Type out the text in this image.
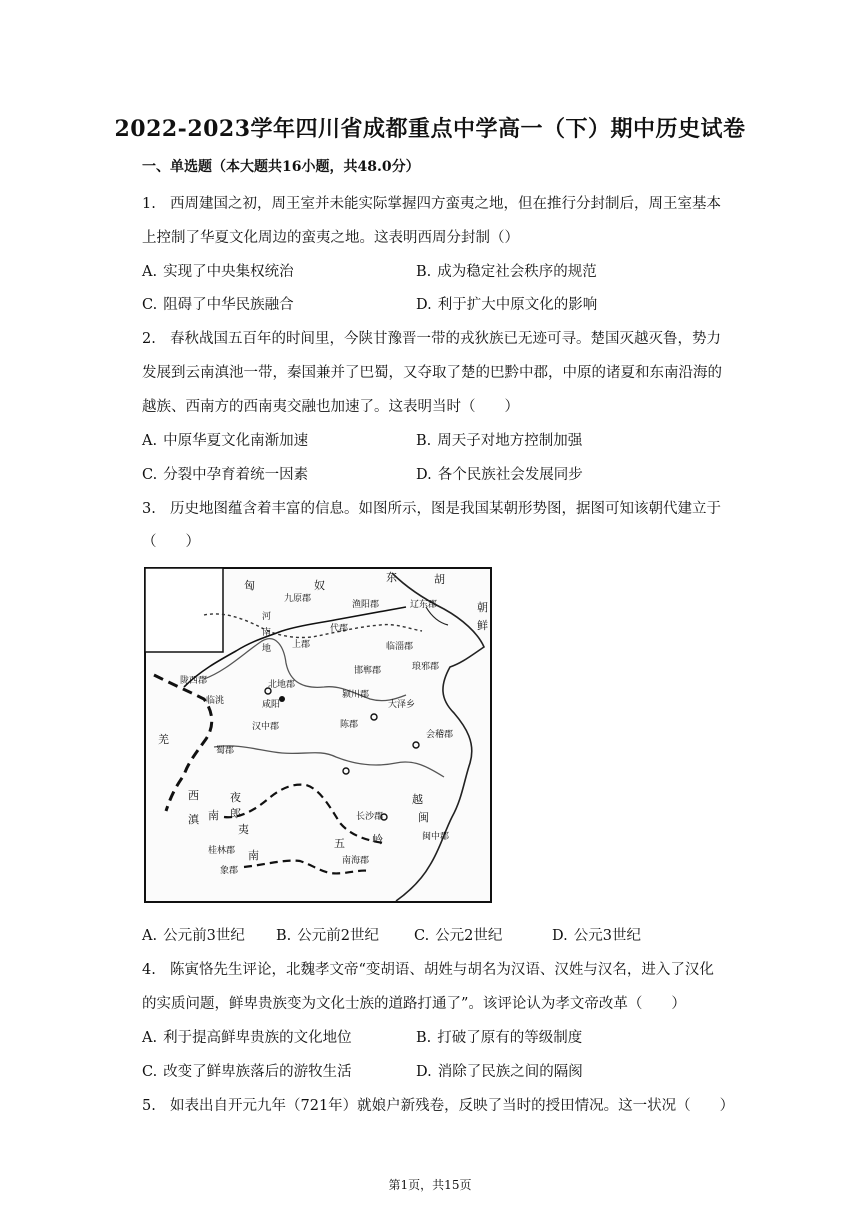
2022-2023学年四川省成都重点中学高一（下）期中历史试卷
一、单选题（本大题共16小题，共48.0分）
1. 西周建国之初，周王室并未能实际掌握四方蛮夷之地，但在推行分封制后，周王室基本
上控制了华夏文化周边的蛮夷之地。这表明西周分封制（）
A. 实现了中央集权统治	B. 成为稳定社会秩序的规范
C. 阻碍了中华民族融合	D. 利于扩大中原文化的影响
2. 春秋战国五百年的时间里，今陕甘豫晋一带的戎狄族已无迹可寻。楚国灭越灭鲁，势力
发展到云南滇池一带，秦国兼并了巴蜀，又夺取了楚的巴黔中郡，中原的诸夏和东南沿海的
越族、西南方的西南夷交融也加速了。这表明当时（　　）
A. 中原华夏文化南渐加速	B. 周天子对地方控制加强
C. 分裂中孕育着统一因素	D. 各个民族社会发展同步
3. 历史地图蕴含着丰富的信息。如图所示，图是我国某朝形势图，据图可知该朝代建立于
（　　）
匈	奴
东	胡
朝
鲜
九原郡
渔阳郡	辽东郡
河
南
地
代郡
上郡
邯郸郡
临淄郡
琅邪郡
陇西郡	北地郡
临洮	咸阳
颍川郡
大泽乡
汉中郡	陈郡
蜀郡
羌	会稽郡
长沙郡
西	夜
郎
滇 南
夷
桂林郡
五 岭	闽中郡
南海郡
象郡
越
南
闽
A. 公元前3世纪 B. 公元前2世纪 C. 公元2世纪	D. 公元3世纪
4. 陈寅恪先生评论，北魏孝文帝“变胡语、胡姓与胡名为汉语、汉姓与汉名，进入了汉化
的实质问题，鲜卑贵族变为文化士族的道路打通了”。该评论认为孝文帝改革（　　）
A. 利于提高鲜卑贵族的文化地位	B. 打破了原有的等级制度
C. 改变了鲜卑族落后的游牧生活	D. 消除了民族之间的隔阂
5. 如表出自开元九年（721年）就娘户新残卷，反映了当时的授田情况。这一状况（　　）
第1页，共15页
